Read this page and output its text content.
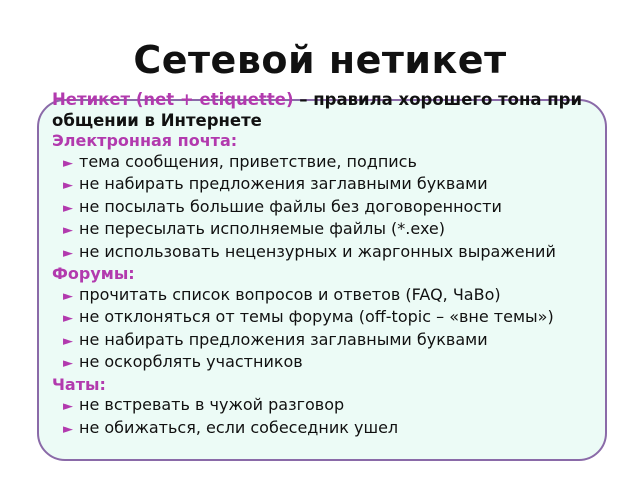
Сетевой нетикет
Нетикет (net + etiquette) – правила хорошего тона при общении в Интернете
Электронная почта:
► тема сообщения, приветствие, подпись
► не набирать предложения заглавными буквами
► не посылать большие файлы без договоренности
► не пересылать исполняемые файлы (*.exe)
► не использовать нецензурных и жаргонных выражений
Форумы:
► прочитать список вопросов и ответов (FAQ, ЧаВо)
► не отклоняться от темы форума (off-topic – «вне темы»)
► не набирать предложения заглавными буквами
► не оскорблять участников
Чаты:
► не встревать в чужой разговор
► не обижаться, если собеседник ушел
